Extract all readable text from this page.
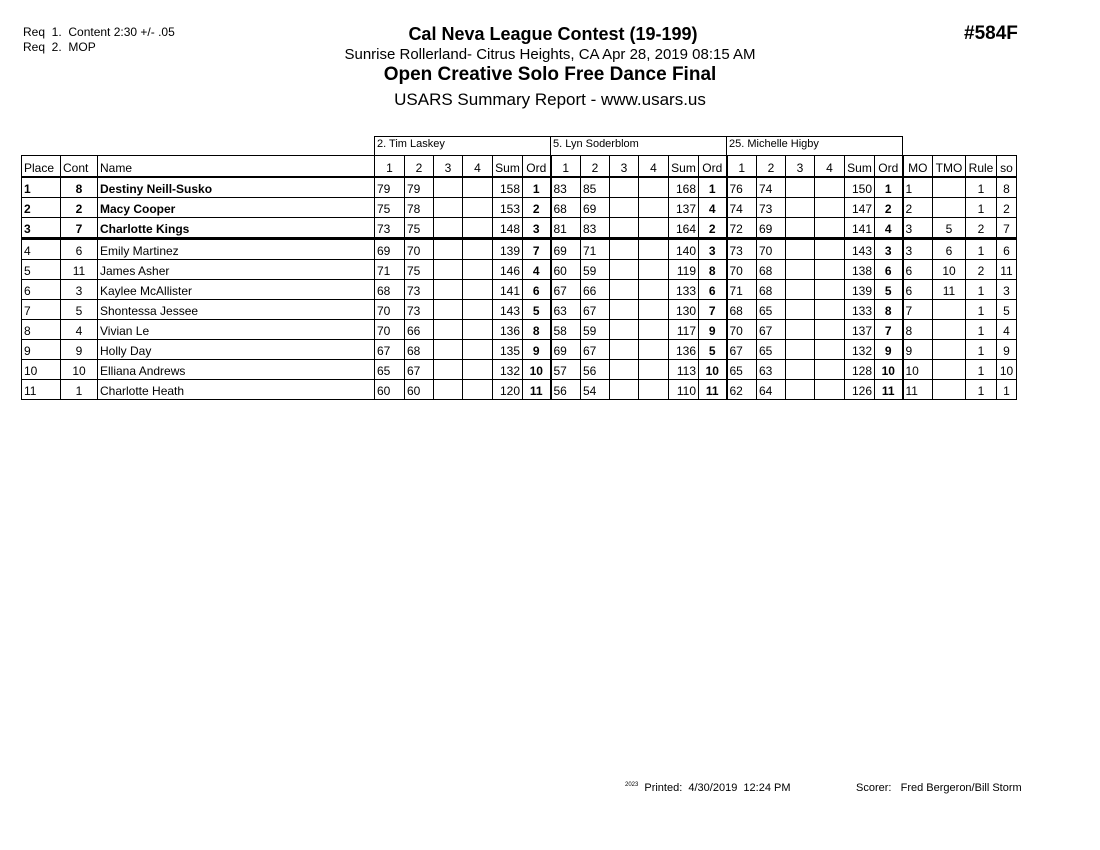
Req  1.  Content 2:30 +/- .05
Req  2.  MOP
#584F
Cal Neva League Contest (19-199)
Sunrise Rollerland- Citrus Heights, CA Apr 28, 2019 08:15 AM
Open Creative Solo Free Dance Final
USARS Summary Report - www.usars.us
			2. Tim Laskey						5. Lyn Soderblom						25. Michelle Higby									
Place	Cont	Name	1	2	3	4	Sum	Ord	1	2	3	4	Sum	Ord	1	2	3	4	Sum	Ord	MO	TMO	Rule	so
1	8	Destiny Neill-Susko	79	79			158	1	83	85			168	1	76	74			150	1	1		1	8
2	2	Macy Cooper	75	78			153	2	68	69			137	4	74	73			147	2	2		1	2
3	7	Charlotte Kings	73	75			148	3	81	83			164	2	72	69			141	4	3	5	2	7
4	6	Emily Martinez	69	70			139	7	69	71			140	3	73	70			143	3	3	6	1	6
5	11	James Asher	71	75			146	4	60	59			119	8	70	68			138	6	6	10	2	11
6	3	Kaylee McAllister	68	73			141	6	67	66			133	6	71	68			139	5	6	11	1	3
7	5	Shontessa Jessee	70	73			143	5	63	67			130	7	68	65			133	8	7		1	5
8	4	Vivian Le	70	66			136	8	58	59			117	9	70	67			137	7	8		1	4
9	9	Holly Day	67	68			135	9	69	67			136	5	67	65			132	9	9		1	9
10	10	Elliana Andrews	65	67			132	10	57	56			113	10	65	63			128	10	10		1	10
11	1	Charlotte Heath	60	60			120	11	56	54			110	11	62	64			126	11	11		1	1
$^{2023}$ Printed:  4/30/2019  12:24 PM	Scorer:   Fred Bergeron/Bill Storm
